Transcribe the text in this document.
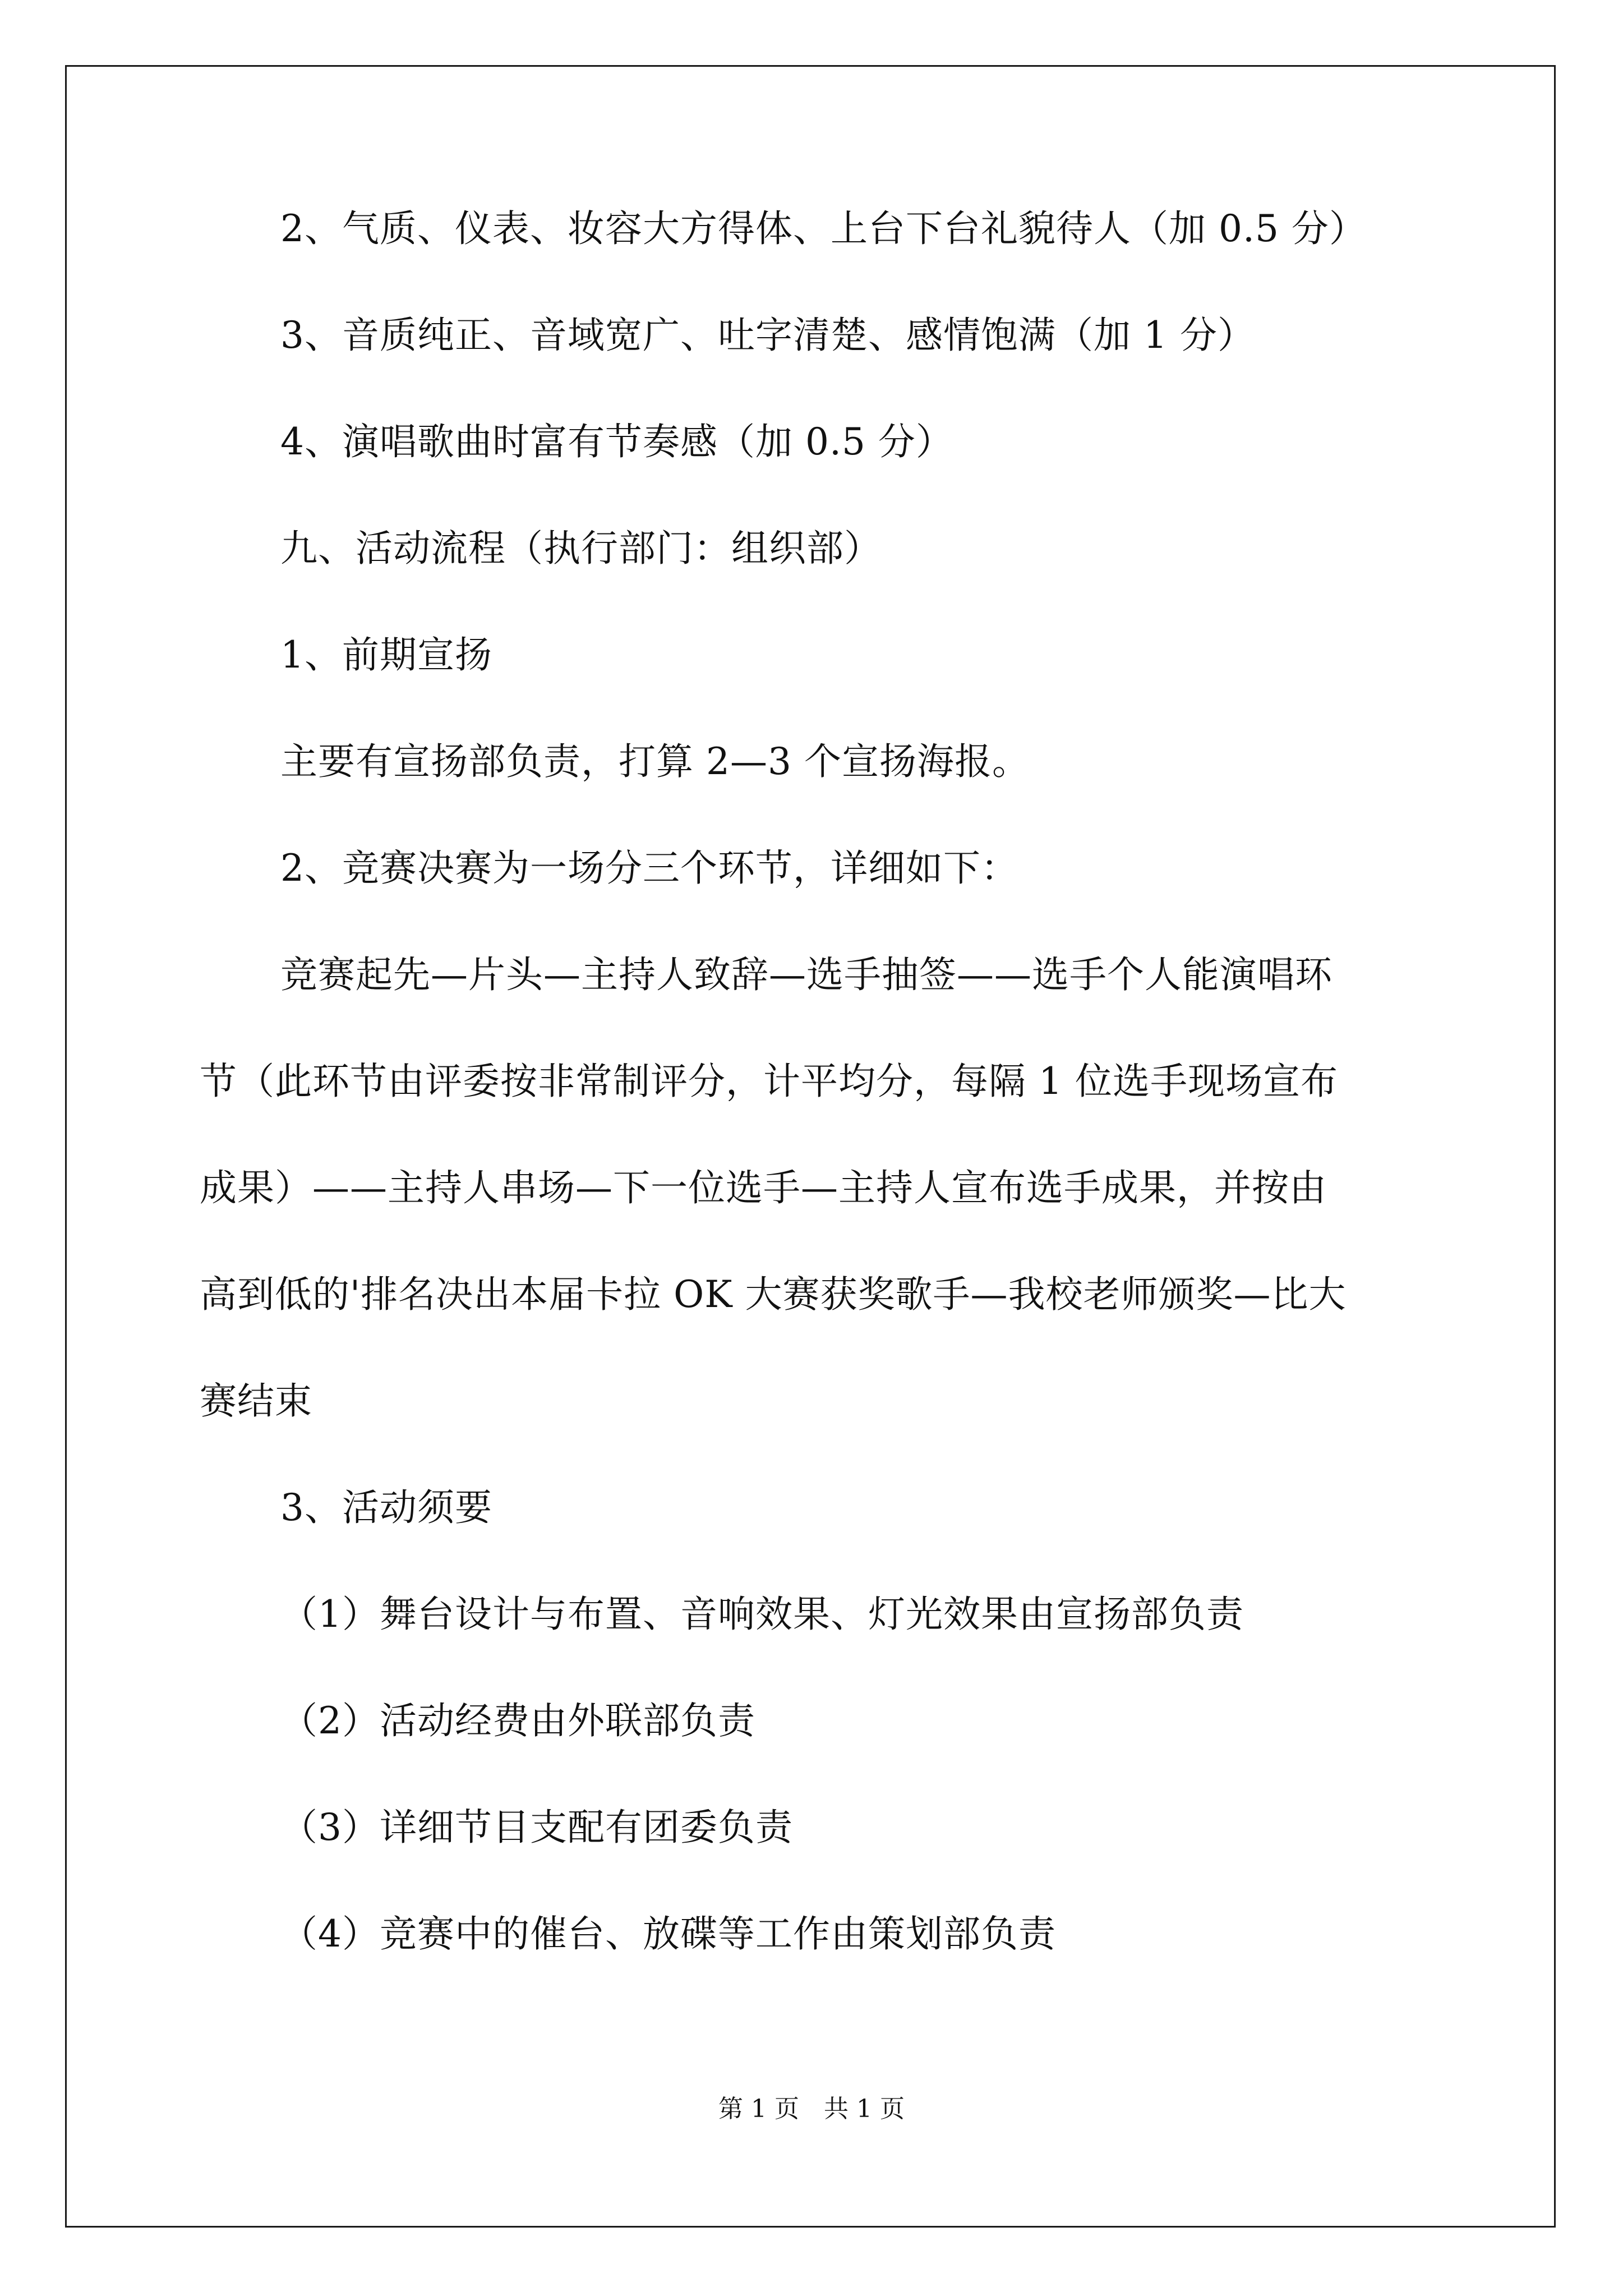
2、气质、仪表、妆容大方得体、上台下台礼貌待人（加 0.5 分）

3、音质纯正、音域宽广、吐字清楚、感情饱满（加 1 分）

4、演唱歌曲时富有节奏感（加 0.5 分）

九、活动流程（执行部门：组织部）

1、前期宣扬

主要有宣扬部负责，打算 2—3 个宣扬海报。

2、竞赛决赛为一场分三个环节，详细如下：

竞赛起先—片头—主持人致辞—选手抽签——选手个人能演唱环

节（此环节由评委按非常制评分，计平均分，每隔 1 位选手现场宣布

成果）——主持人串场—下一位选手—主持人宣布选手成果，并按由

高到低的'排名决出本届卡拉 OK 大赛获奖歌手—我校老师颁奖—比大

赛结束

3、活动须要

（1）舞台设计与布置、音响效果、灯光效果由宣扬部负责

（2）活动经费由外联部负责

（3）详细节目支配有团委负责

（4）竞赛中的催台、放碟等工作由策划部负责

第 1 页　共 1 页
